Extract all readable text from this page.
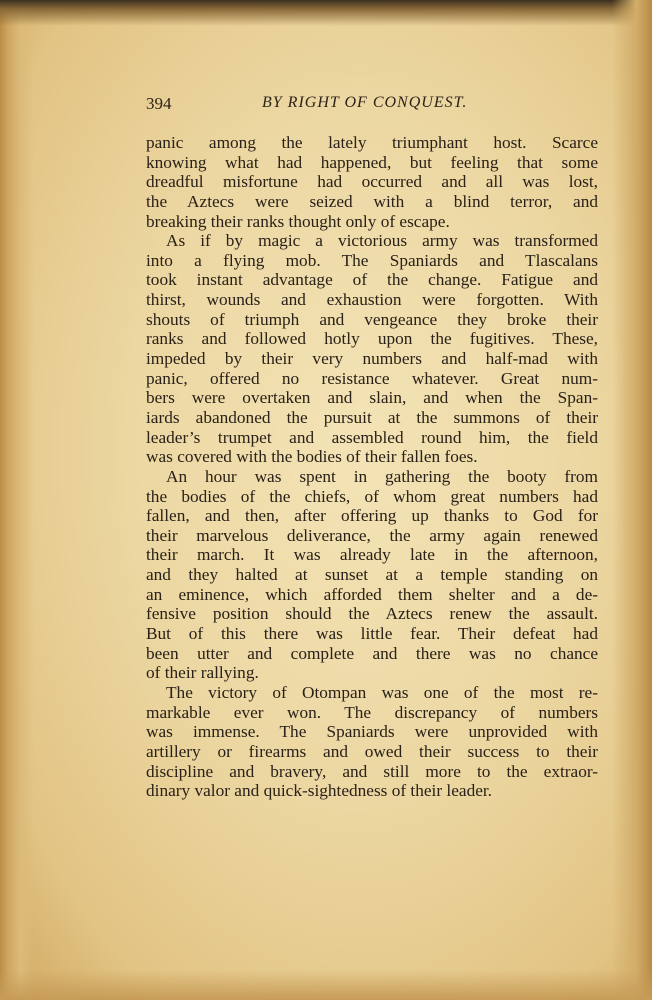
394	BY RIGHT OF CONQUEST.
panic among the lately triumphant host. Scarce
knowing what had happened, but feeling that some
dreadful misfortune had occurred and all was lost,
the Aztecs were seized with a blind terror, and
breaking their ranks thought only of escape.
As if by magic a victorious army was transformed
into a flying mob. The Spaniards and Tlascalans
took instant advantage of the change. Fatigue and
thirst, wounds and exhaustion were forgotten. With
shouts of triumph and vengeance they broke their
ranks and followed hotly upon the fugitives. These,
impeded by their very numbers and half-mad with
panic, offered no resistance whatever. Great num-
bers were overtaken and slain, and when the Span-
iards abandoned the pursuit at the summons of their
leader’s trumpet and assembled round him, the field
was covered with the bodies of their fallen foes.
An hour was spent in gathering the booty from
the bodies of the chiefs, of whom great numbers had
fallen, and then, after offering up thanks to God for
their marvelous deliverance, the army again renewed
their march. It was already late in the afternoon,
and they halted at sunset at a temple standing on
an eminence, which afforded them shelter and a de-
fensive position should the Aztecs renew the assault.
But of this there was little fear. Their defeat had
been utter and complete and there was no chance
of their rallying.
The victory of Otompan was one of the most re-
markable ever won. The discrepancy of numbers
was immense. The Spaniards were unprovided with
artillery or firearms and owed their success to their
discipline and bravery, and still more to the extraor-
dinary valor and quick-sightedness of their leader.
